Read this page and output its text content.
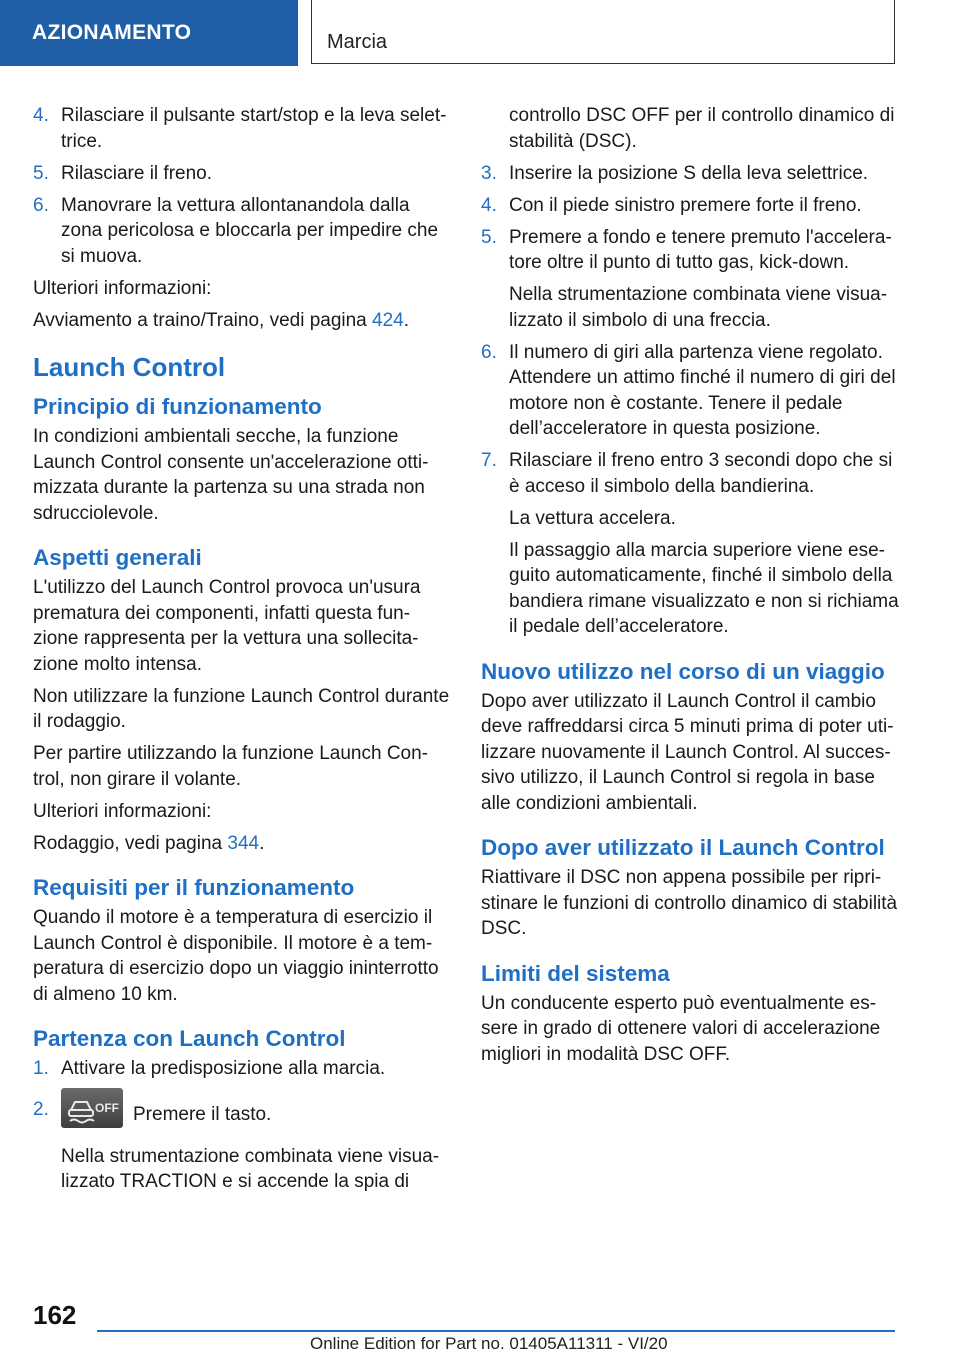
AZIONAMENTO	Marcia
4. Rilasciare il pulsante start/stop e la leva selet-trice.
5. Rilasciare il freno.
6. Manovrare la vettura allontanandola dalla zona pericolosa e bloccarla per impedire che si muova.

Ulteriori informazioni:

Avviamento a traino/Traino, vedi pagina 424.

Launch Control
Principio di funzionamento

In condizioni ambientali secche, la funzione Launch Control consente un'accelerazione otti-mizzata durante la partenza su una strada non sdrucciolevole.

Aspetti generali

L'utilizzo del Launch Control provoca un'usura prematura dei componenti, infatti questa fun-zione rappresenta per la vettura una sollecita-zione molto intensa.

Non utilizzare la funzione Launch Control durante il rodaggio.

Per partire utilizzando la funzione Launch Con-trol, non girare il volante.

Ulteriori informazioni:

Rodaggio, vedi pagina 344.

Requisiti per il funzionamento

Quando il motore è a temperatura di esercizio il Launch Control è disponibile. Il motore è a tem-peratura di esercizio dopo un viaggio ininterrotto di almeno 10 km.

Partenza con Launch Control
1. Attivare la predisposizione alla marcia.
2.	OFF Premere il tasto.

Nella strumentazione combinata viene visua-lizzato TRACTION e si accende la spia di

controllo DSC OFF per il controllo dinamico di stabilità (DSC).

3. Inserire la posizione S della leva selettrice.
4. Con il piede sinistro premere forte il freno.
5. Premere a fondo e tenere premuto l'accelera-tore oltre il punto di tutto gas, kick-down.

Nella strumentazione combinata viene visua-lizzato il simbolo di una freccia.

6. Il numero di giri alla partenza viene regolato. Attendere un attimo finché il numero di giri del motore non è costante. Tenere il pedale dell’acceleratore in questa posizione.
7. Rilasciare il freno entro 3 secondi dopo che si è acceso il simbolo della bandierina.

La vettura accelera.

Il passaggio alla marcia superiore viene ese-guito automaticamente, finché il simbolo della bandiera rimane visualizzato e non si richiama il pedale dell’acceleratore.

Nuovo utilizzo nel corso di un viaggio

Dopo aver utilizzato il Launch Control il cambio deve raffreddarsi circa 5 minuti prima di poter uti-lizzare nuovamente il Launch Control. Al succes-sivo utilizzo, il Launch Control si regola in base alle condizioni ambientali.

Dopo aver utilizzato il Launch Control

Riattivare il DSC non appena possibile per ripri-stinare le funzioni di controllo dinamico di stabilità DSC.

Limiti del sistema

Un conducente esperto può eventualmente es-sere in grado di ottenere valori di accelerazione migliori in modalità DSC OFF.

162
Online Edition for Part no. 01405A11311 - VI/20
